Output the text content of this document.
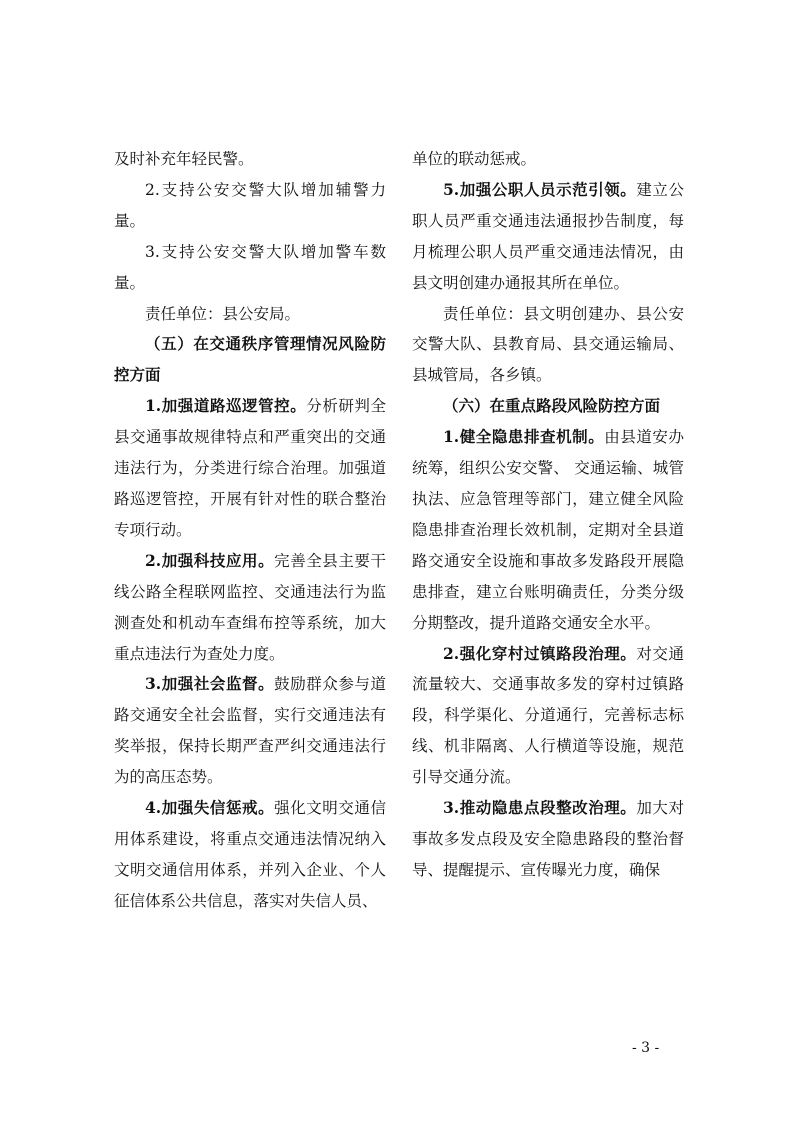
及时补充年轻民警。

2.支持公安交警大队增加辅警力量。

3.支持公安交警大队增加警车数量。

责任单位：县公安局。

（五）在交通秩序管理情况风险防控方面

1.加强道路巡逻管控。分析研判全县交通事故规律特点和严重突出的交通违法行为，分类进行综合治理。加强道路巡逻管控，开展有针对性的联合整治专项行动。

2.加强科技应用。完善全县主要干线公路全程联网监控、交通违法行为监测查处和机动车查缉布控等系统，加大重点违法行为查处力度。

3.加强社会监督。鼓励群众参与道路交通安全社会监督，实行交通违法有奖举报，保持长期严查严纠交通违法行为的高压态势。

4.加强失信惩戒。强化文明交通信用体系建设，将重点交通违法情况纳入文明交通信用体系，并列入企业、个人征信体系公共信息，落实对失信人员、

单位的联动惩戒。

5.加强公职人员示范引领。建立公职人员严重交通违法通报抄告制度，每月梳理公职人员严重交通违法情况，由县文明创建办通报其所在单位。

责任单位：县文明创建办、县公安交警大队、县教育局、县交通运输局、县城管局，各乡镇。

（六）在重点路段风险防控方面

1.健全隐患排查机制。由县道安办统筹，组织公安交警、 交通运输、城管执法、应急管理等部门，建立健全风险隐患排查治理长效机制，定期对全县道路交通安全设施和事故多发路段开展隐患排查，建立台账明确责任，分类分级分期整改，提升道路交通安全水平。

2.强化穿村过镇路段治理。对交通流量较大、交通事故多发的穿村过镇路段，科学渠化、分道通行，完善标志标线、机非隔离、人行横道等设施，规范引导交通分流。

3.推动隐患点段整改治理。加大对事故多发点段及安全隐患路段的整治督导、提醒提示、宣传曝光力度，确保

- 3 -
